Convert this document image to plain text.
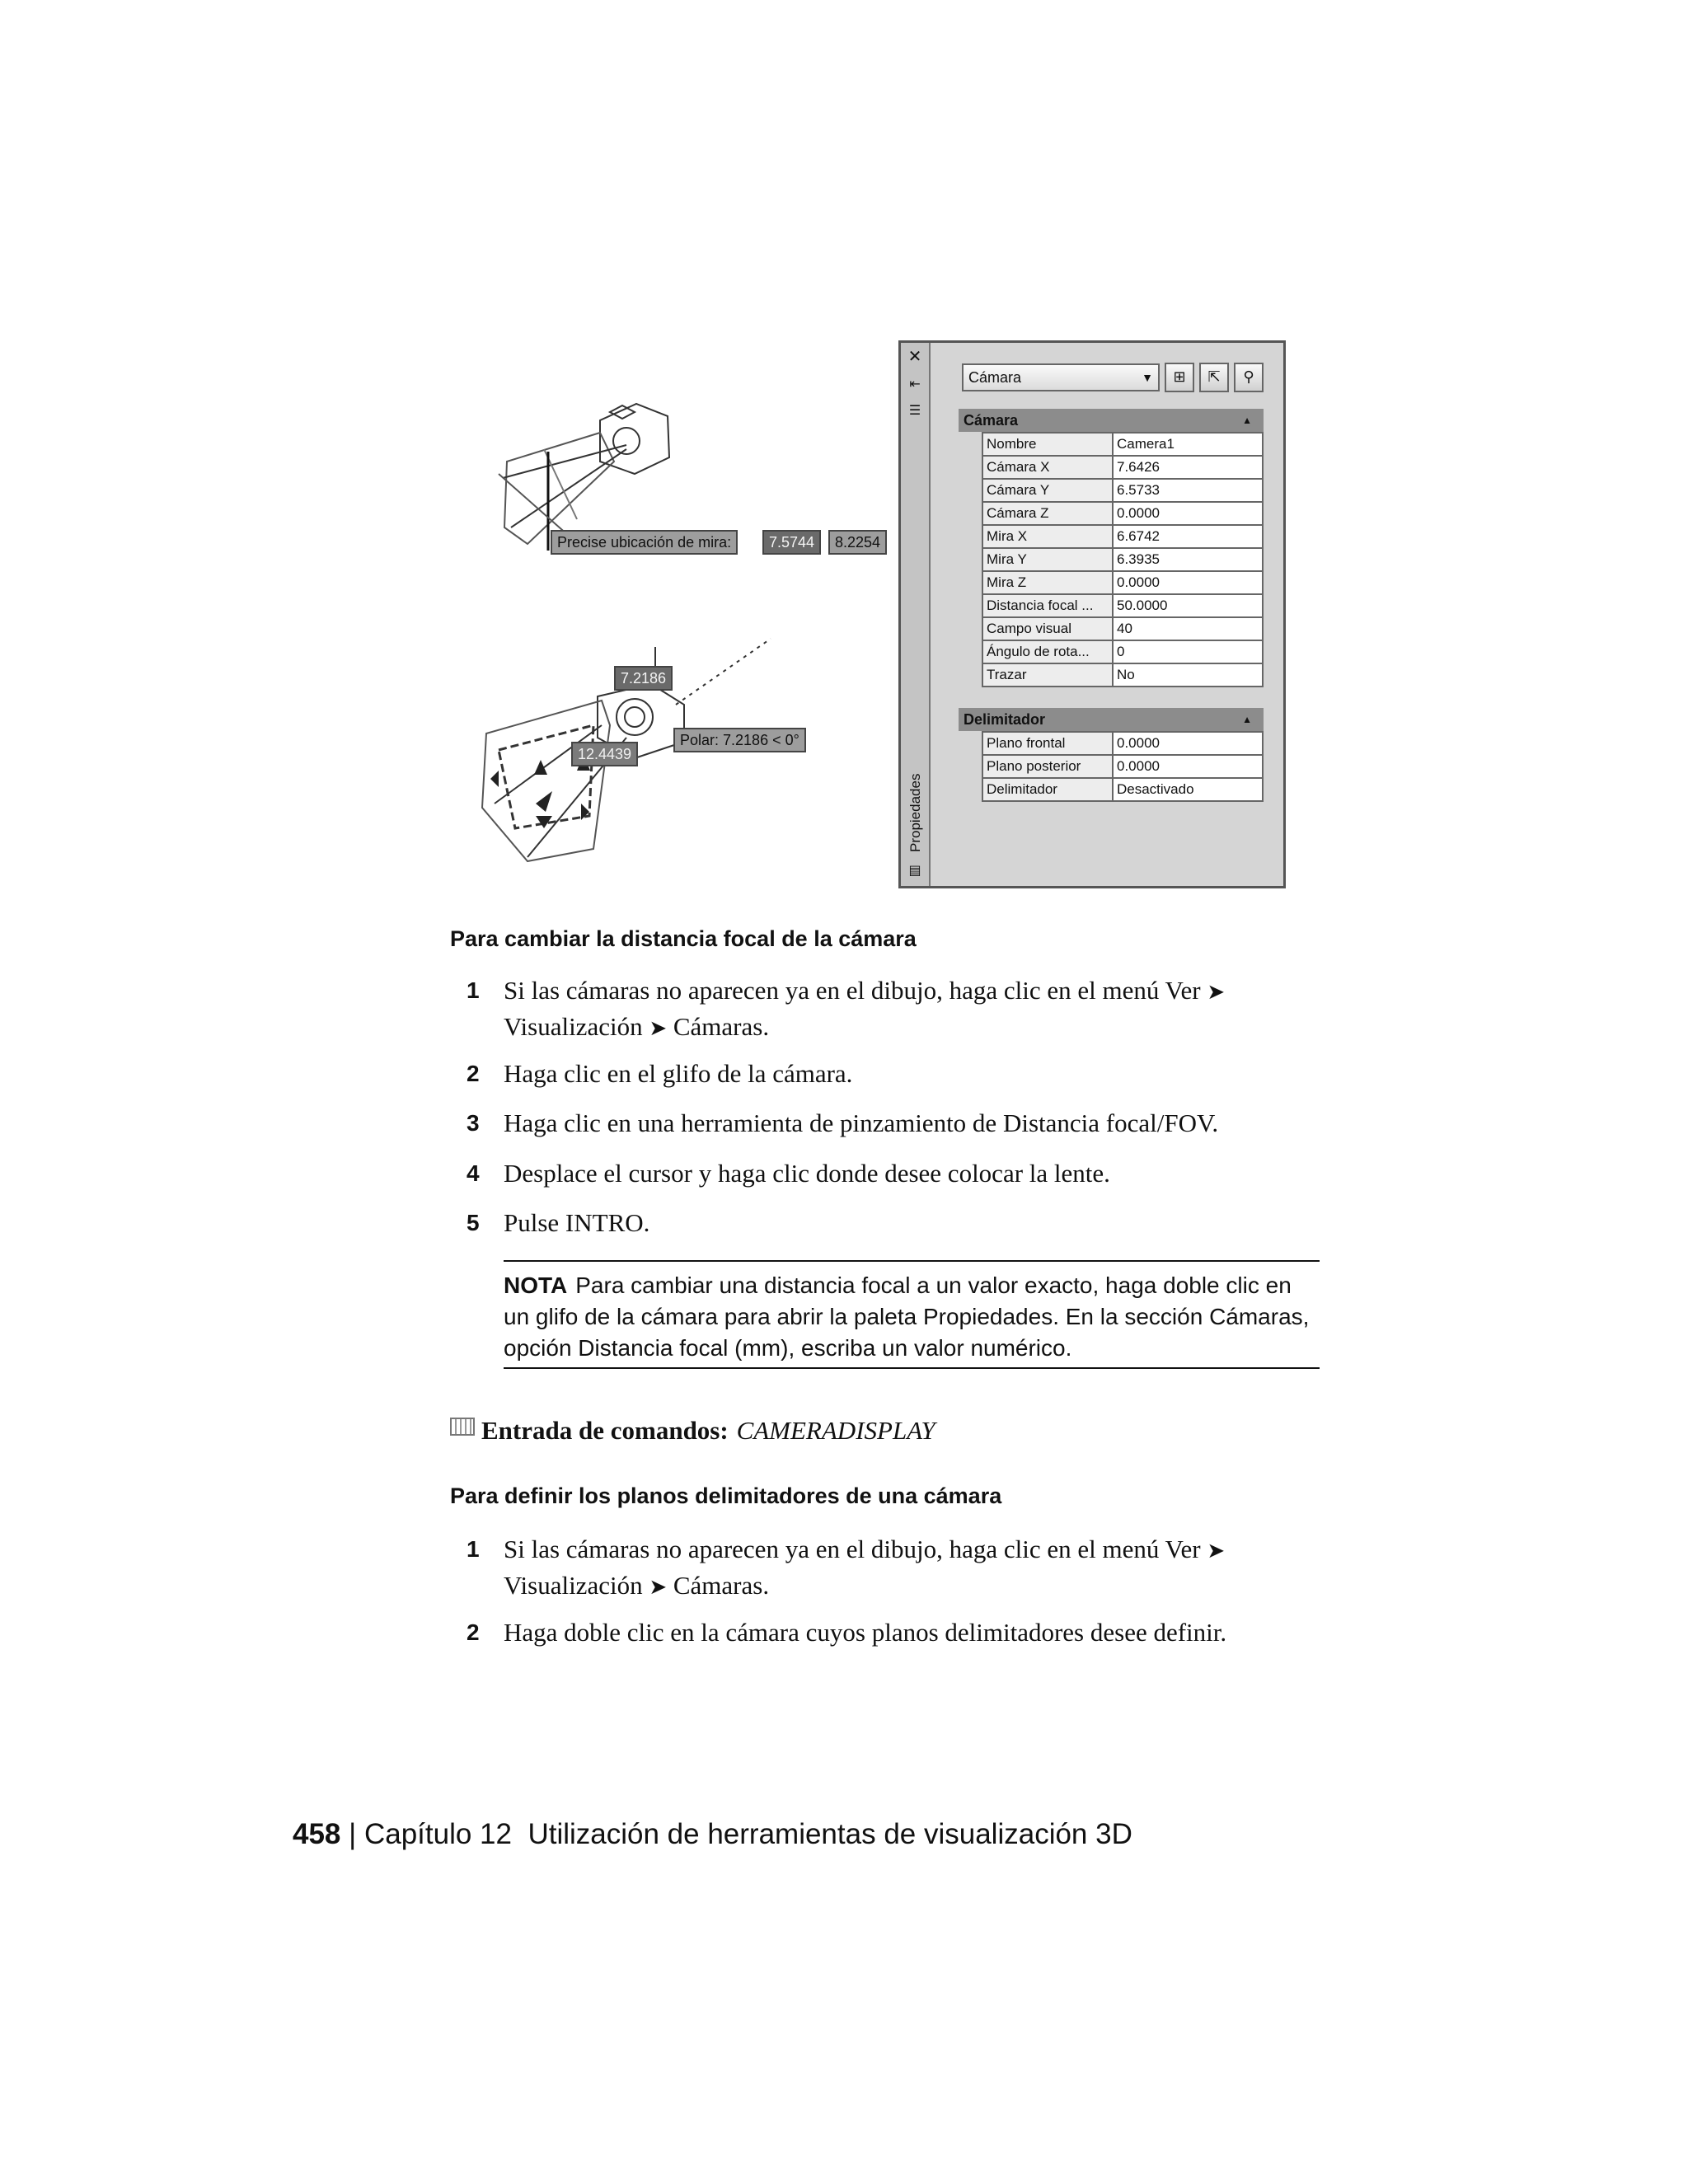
Precise ubicación de mira:	7.5744	8.2254
7.2186
12.4439
Polar: 7.2186 < 0°
✕
⇤
☰
▤
Propiedades
Cámara	▼	⊞	⇱	⚲
Cámara	▲
Nombre	Camera1
Cámara X	7.6426
Cámara Y	6.5733
Cámara Z	0.0000
Mira X	6.6742
Mira Y	6.3935
Mira Z	0.0000
Distancia focal ...	50.0000
Campo visual	40
Ángulo de rota...	0
Trazar	No
Delimitador	▲
Plano frontal	0.0000
Plano posterior	0.0000
Delimitador	Desactivado
Para cambiar la distancia focal de la cámara
1 Si las cámaras no aparecen ya en el dibujo, haga clic en el menú Ver ➤
Visualización ➤ Cámaras.
2 Haga clic en el glifo de la cámara.
3 Haga clic en una herramienta de pinzamiento de Distancia focal/FOV.
4 Desplace el cursor y haga clic donde desee colocar la lente.
5 Pulse INTRO.
NOTA Para cambiar una distancia focal a un valor exacto, haga doble clic en un glifo de la cámara para abrir la paleta Propiedades. En la sección Cámaras, opción Distancia focal (mm), escriba un valor numérico.
Entrada de comandos: CAMERADISPLAY
Para definir los planos delimitadores de una cámara
1 Si las cámaras no aparecen ya en el dibujo, haga clic en el menú Ver ➤
Visualización ➤ Cámaras.
2 Haga doble clic en la cámara cuyos planos delimitadores desee definir.
458 | Capítulo 12 Utilización de herramientas de visualización 3D
